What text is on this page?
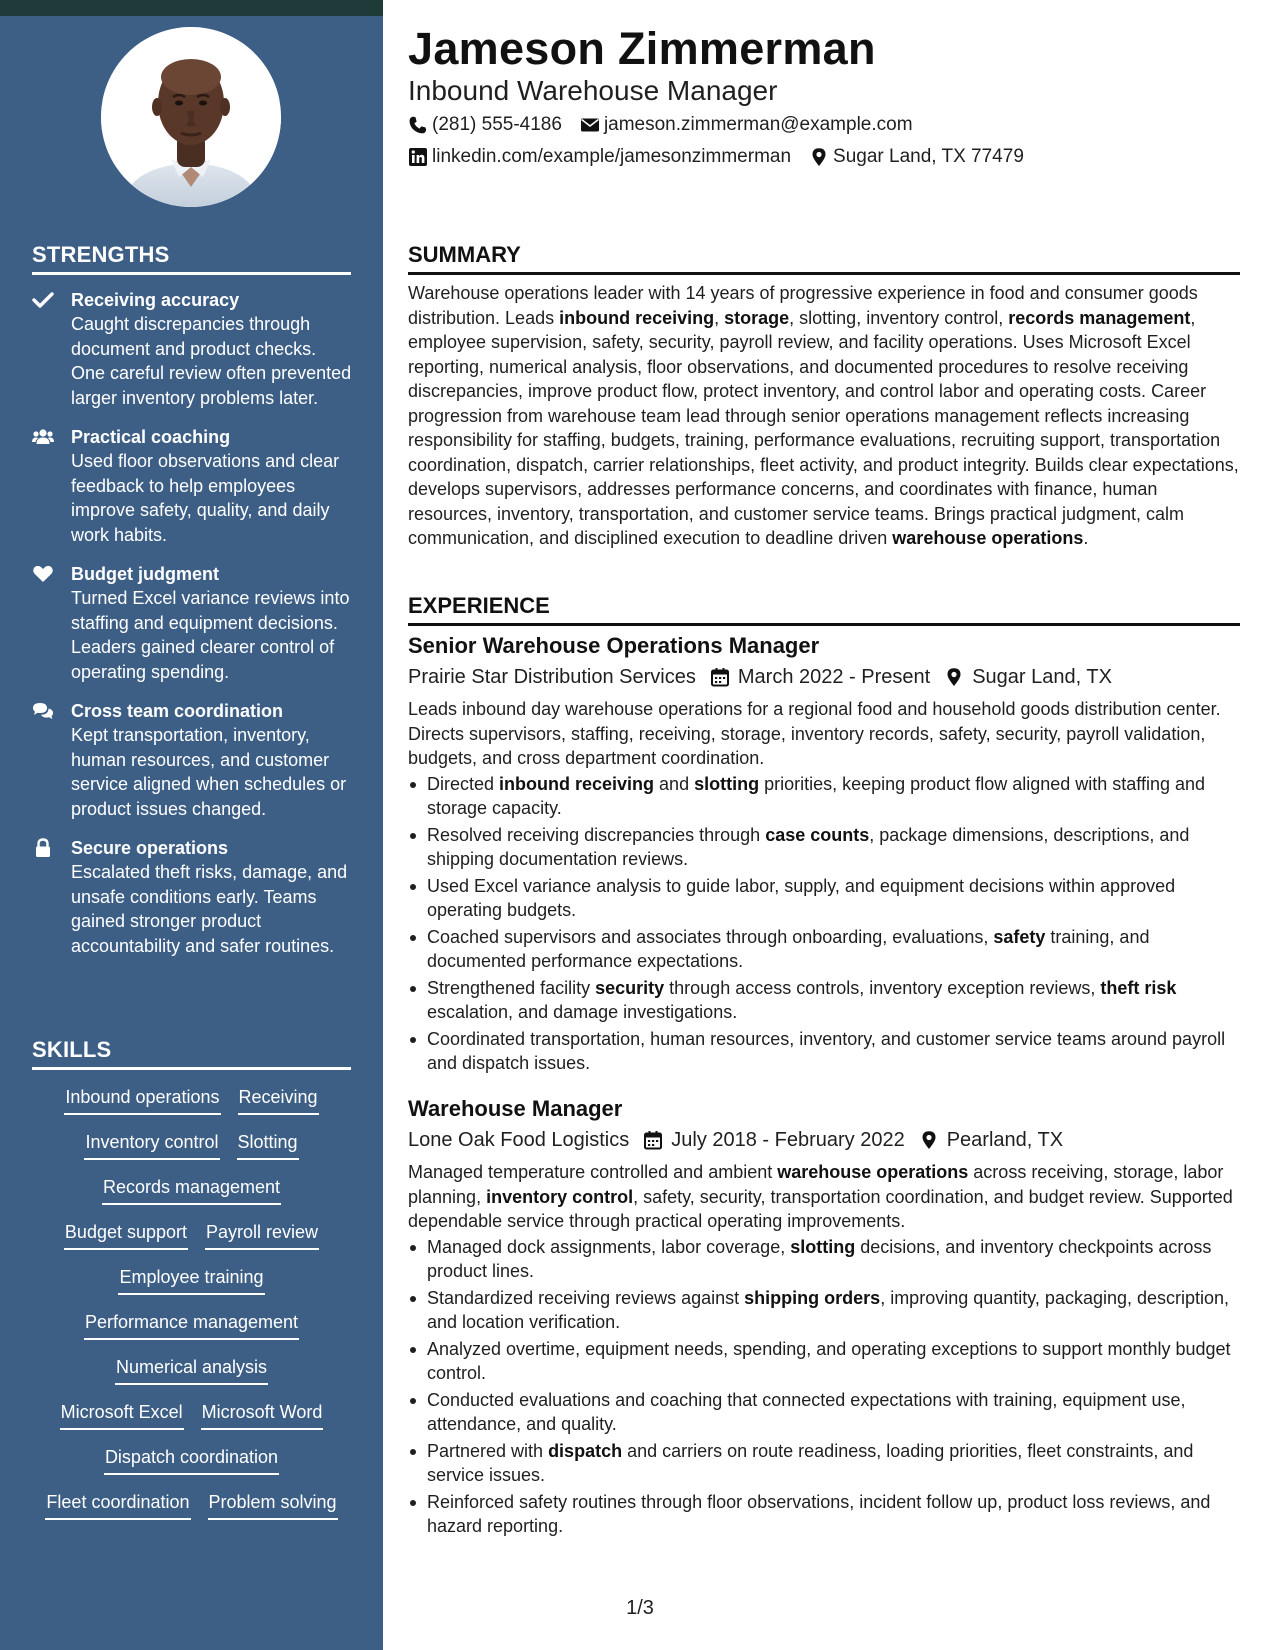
STRENGTHS
Receiving accuracy
Caught discrepancies through document and product checks. One careful review often prevented larger inventory problems later.
Practical coaching
Used floor observations and clear feedback to help employees improve safety, quality, and daily work habits.
Budget judgment
Turned Excel variance reviews into staffing and equipment decisions. Leaders gained clearer control of operating spending.
Cross team coordination
Kept transportation, inventory, human resources, and customer service aligned when schedules or product issues changed.
Secure operations
Escalated theft risks, damage, and unsafe conditions early. Teams gained stronger product accountability and safer routines.
SKILLS
Inbound operations Receiving
Inventory control Slotting
Records management
Budget support Payroll review
Employee training
Performance management
Numerical analysis
Microsoft Excel Microsoft Word
Dispatch coordination
Fleet coordination Problem solving
Jameson Zimmerman
Inbound Warehouse Manager
(281) 555-4186 jameson.zimmerman@example.com
linkedin.com/example/jamesonzimmerman Sugar Land, TX 77479
SUMMARY
Warehouse operations leader with 14 years of progressive experience in food and consumer goods distribution. Leads inbound receiving, storage, slotting, inventory control, records management, employee supervision, safety, security, payroll review, and facility operations. Uses Microsoft Excel reporting, numerical analysis, floor observations, and documented procedures to resolve receiving discrepancies, improve product flow, protect inventory, and control labor and operating costs. Career progression from warehouse team lead through senior operations management reflects increasing responsibility for staffing, budgets, training, performance evaluations, recruiting support, transportation coordination, dispatch, carrier relationships, fleet activity, and product integrity. Builds clear expectations, develops supervisors, addresses performance concerns, and coordinates with finance, human resources, inventory, transportation, and customer service teams. Brings practical judgment, calm communication, and disciplined execution to deadline driven warehouse operations.
EXPERIENCE
Senior Warehouse Operations Manager
Prairie Star Distribution Services March 2022 - Present Sugar Land, TX
Leads inbound day warehouse operations for a regional food and household goods distribution center. Directs supervisors, staffing, receiving, storage, inventory records, safety, security, payroll validation, budgets, and cross department coordination.
Directed inbound receiving and slotting priorities, keeping product flow aligned with staffing and storage capacity.
Resolved receiving discrepancies through case counts, package dimensions, descriptions, and shipping documentation reviews.
Used Excel variance analysis to guide labor, supply, and equipment decisions within approved operating budgets.
Coached supervisors and associates through onboarding, evaluations, safety training, and documented performance expectations.
Strengthened facility security through access controls, inventory exception reviews, theft risk escalation, and damage investigations.
Coordinated transportation, human resources, inventory, and customer service teams around payroll and dispatch issues.
Warehouse Manager
Lone Oak Food Logistics July 2018 - February 2022 Pearland, TX
Managed temperature controlled and ambient warehouse operations across receiving, storage, labor planning, inventory control, safety, security, transportation coordination, and budget review. Supported dependable service through practical operating improvements.
Managed dock assignments, labor coverage, slotting decisions, and inventory checkpoints across product lines.
Standardized receiving reviews against shipping orders, improving quantity, packaging, description, and location verification.
Analyzed overtime, equipment needs, spending, and operating exceptions to support monthly budget control.
Conducted evaluations and coaching that connected expectations with training, equipment use, attendance, and quality.
Partnered with dispatch and carriers on route readiness, loading priorities, fleet constraints, and service issues.
Reinforced safety routines through floor observations, incident follow up, product loss reviews, and hazard reporting.
1/3
